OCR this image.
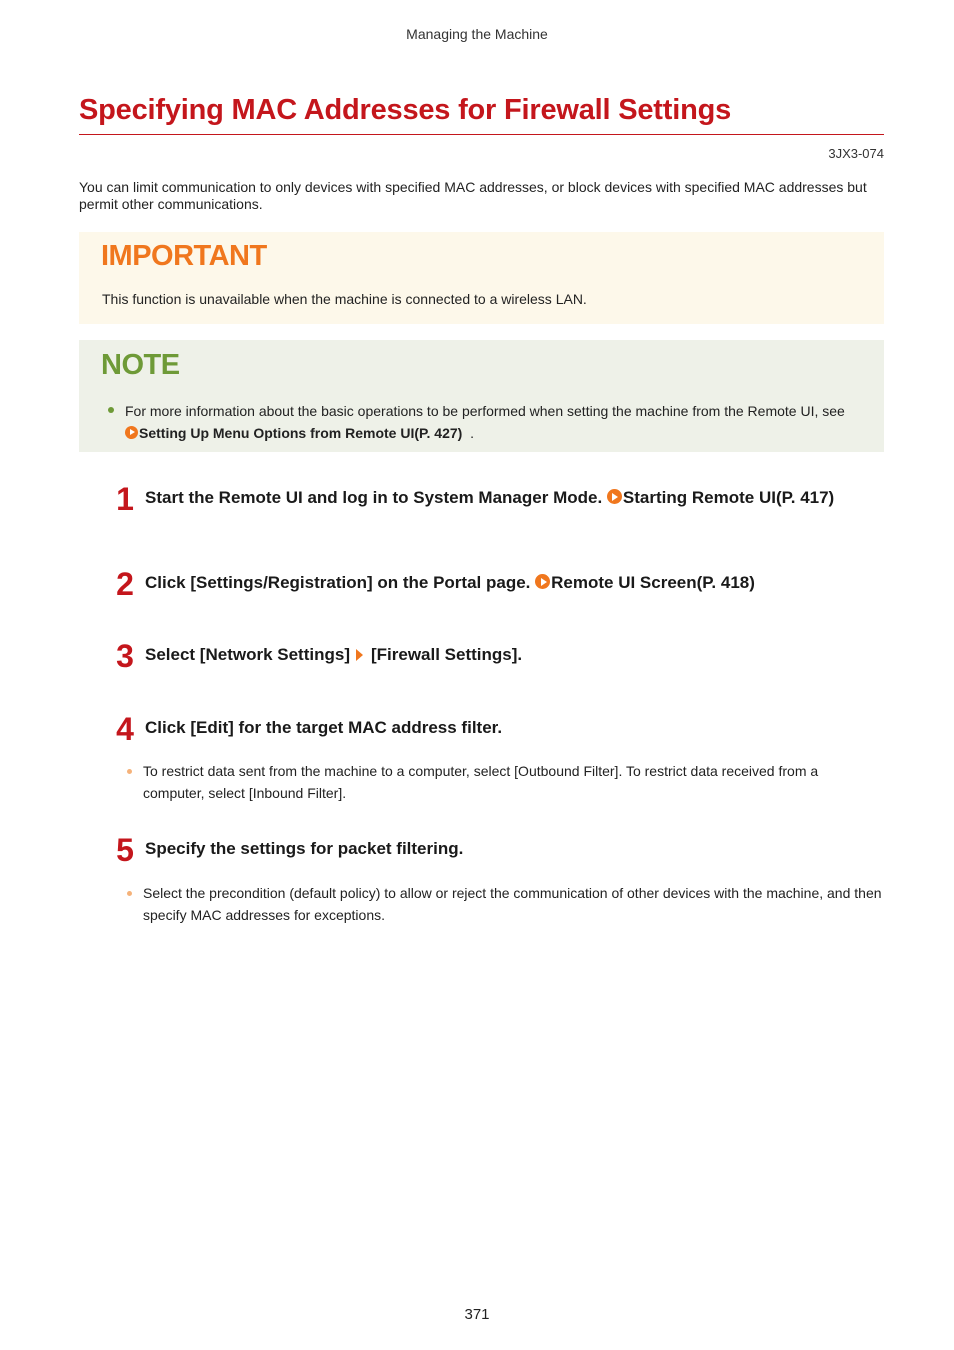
Managing the Machine
Specifying MAC Addresses for Firewall Settings
3JX3-074
You can limit communication to only devices with specified MAC addresses, or block devices with specified MAC addresses but permit other communications.
IMPORTANT
This function is unavailable when the machine is connected to a wireless LAN.
NOTE
For more information about the basic operations to be performed when setting the machine from the Remote UI, see Setting Up Menu Options from Remote UI(P. 427) .
1 Start the Remote UI and log in to System Manager Mode. Starting Remote UI(P. 417)
2 Click [Settings/Registration] on the Portal page. Remote UI Screen(P. 418)
3 Select [Network Settings] [Firewall Settings].
4 Click [Edit] for the target MAC address filter.
To restrict data sent from the machine to a computer, select [Outbound Filter]. To restrict data received from a computer, select [Inbound Filter].
5 Specify the settings for packet filtering.
Select the precondition (default policy) to allow or reject the communication of other devices with the machine, and then specify MAC addresses for exceptions.
371
